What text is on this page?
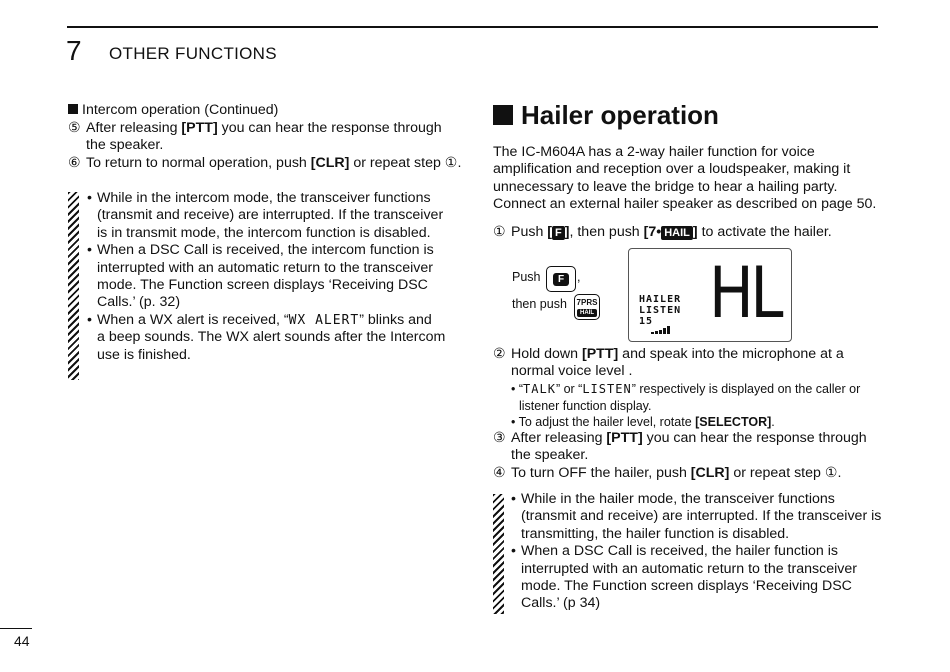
7 OTHER FUNCTIONS
Intercom operation (Continued)
⑤ After releasing [PTT] you can hear the response through
the speaker.
⑥ To return to normal operation, push [CLR] or repeat step ①.
• While in the intercom mode, the transceiver functions
(transmit and receive) are interrupted. If the transceiver
is in transmit mode, the intercom function is disabled.
• When a DSC Call is received, the intercom function is
interrupted with an automatic return to the transceiver
mode. The Function screen displays ‘Receiving DSC
Calls.’ (p. 32)
• When a WX alert is received, “WX ALERT” blinks and
a beep sounds. The WX alert sounds after the Intercom
use is finished.
Hailer operation
The IC-M604A has a 2-way hailer function for voice
amplification and reception over a loudspeaker, making it
unnecessary to leave the bridge to hear a hailing party.
Connect an external hailer speaker as described on page 50.
① Push [ F ], then push [7• HAIL ] to activate the hailer.
Push	F	,
then push 7PRS
HAIL
HAILER
LISTEN
15 HL
② Hold down [PTT] and speak into the microphone at a
normal voice level .
• “TALK” or “LISTEN” respectively is displayed on the caller or
listener function display.
• To adjust the hailer level, rotate [SELECTOR].
③ After releasing [PTT] you can hear the response through
the speaker.
④ To turn OFF the hailer, push [CLR] or repeat step ①.
• While in the hailer mode, the transceiver functions
(transmit and receive) are interrupted. If the transceiver is
transmitting, the hailer function is disabled.
• When a DSC Call is received, the hailer function is
interrupted with an automatic return to the transceiver
mode. The Function screen displays ‘Receiving DSC
Calls.’ (p 34)
44
